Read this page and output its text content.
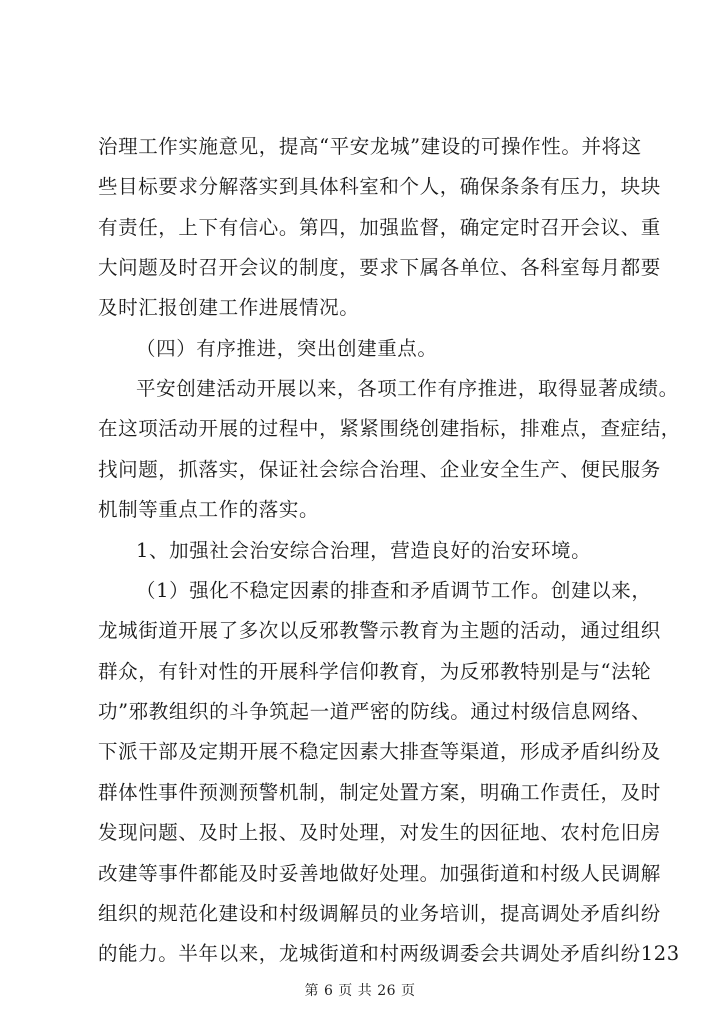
治理工作实施意见，提高“平安龙城”建设的可操作性。并将这
些目标要求分解落实到具体科室和个人，确保条条有压力，块块
有责任，上下有信心。第四，加强监督，确定定时召开会议、重
大问题及时召开会议的制度，要求下属各单位、各科室每月都要
及时汇报创建工作进展情况。
（四）有序推进，突出创建重点。
平安创建活动开展以来，各项工作有序推进，取得显著成绩。
在这项活动开展的过程中，紧紧围绕创建指标，排难点，查症结，
找问题，抓落实，保证社会综合治理、企业安全生产、便民服务
机制等重点工作的落实。
1、加强社会治安综合治理，营造良好的治安环境。
（1）强化不稳定因素的排查和矛盾调节工作。创建以来，
龙城街道开展了多次以反邪教警示教育为主题的活动，通过组织
群众，有针对性的开展科学信仰教育，为反邪教特别是与“法轮
功”邪教组织的斗争筑起一道严密的防线。通过村级信息网络、
下派干部及定期开展不稳定因素大排查等渠道，形成矛盾纠纷及
群体性事件预测预警机制，制定处置方案，明确工作责任，及时
发现问题、及时上报、及时处理，对发生的因征地、农村危旧房
改建等事件都能及时妥善地做好处理。加强街道和村级人民调解
组织的规范化建设和村级调解员的业务培训，提高调处矛盾纠纷
的能力。半年以来，龙城街道和村两级调委会共调处矛盾纠纷123
第 6 页 共 26 页
